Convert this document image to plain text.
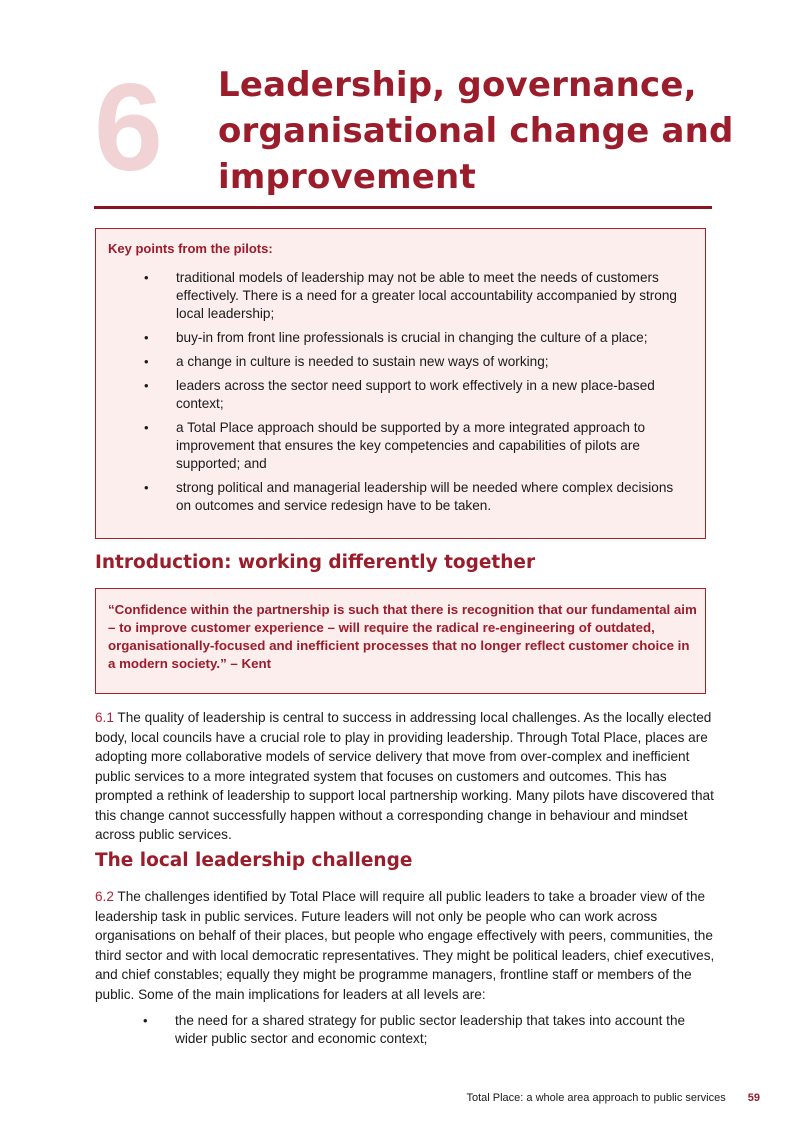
6 Leadership, governance,
organisational change and
improvement
Key points from the pilots:
• traditional models of leadership may not be able to meet the needs of customers effectively. There is a need for a greater local accountability accompanied by strong local leadership;
• buy-in from front line professionals is crucial in changing the culture of a place;
• a change in culture is needed to sustain new ways of working;
• leaders across the sector need support to work effectively in a new place-based context;
• a Total Place approach should be supported by a more integrated approach to improvement that ensures the key competencies and capabilities of pilots are supported; and
• strong political and managerial leadership will be needed where complex decisions on outcomes and service redesign have to be taken.
Introduction: working differently together
“Confidence within the partnership is such that there is recognition that our fundamental aim – to improve customer experience – will require the radical re-engineering of outdated, organisationally-focused and inefficient processes that no longer reflect customer choice in a modern society.” – Kent

6.1 The quality of leadership is central to success in addressing local challenges. As the locally elected body, local councils have a crucial role to play in providing leadership. Through Total Place, places are adopting more collaborative models of service delivery that move from over-complex and inefficient public services to a more integrated system that focuses on customers and outcomes. This has prompted a rethink of leadership to support local partnership working. Many pilots have discovered that this change cannot successfully happen without a corresponding change in behaviour and mindset across public services.

The local leadership challenge

6.2 The challenges identified by Total Place will require all public leaders to take a broader view of the leadership task in public services. Future leaders will not only be people who can work across organisations on behalf of their places, but people who engage effectively with peers, communities, the third sector and with local democratic representatives. They might be political leaders, chief executives, and chief constables; equally they might be programme managers, frontline staff or members of the public. Some of the main implications for leaders at all levels are:

• the need for a shared strategy for public sector leadership that takes into account the wider public sector and economic context;
Total Place: a whole area approach to public services 59
